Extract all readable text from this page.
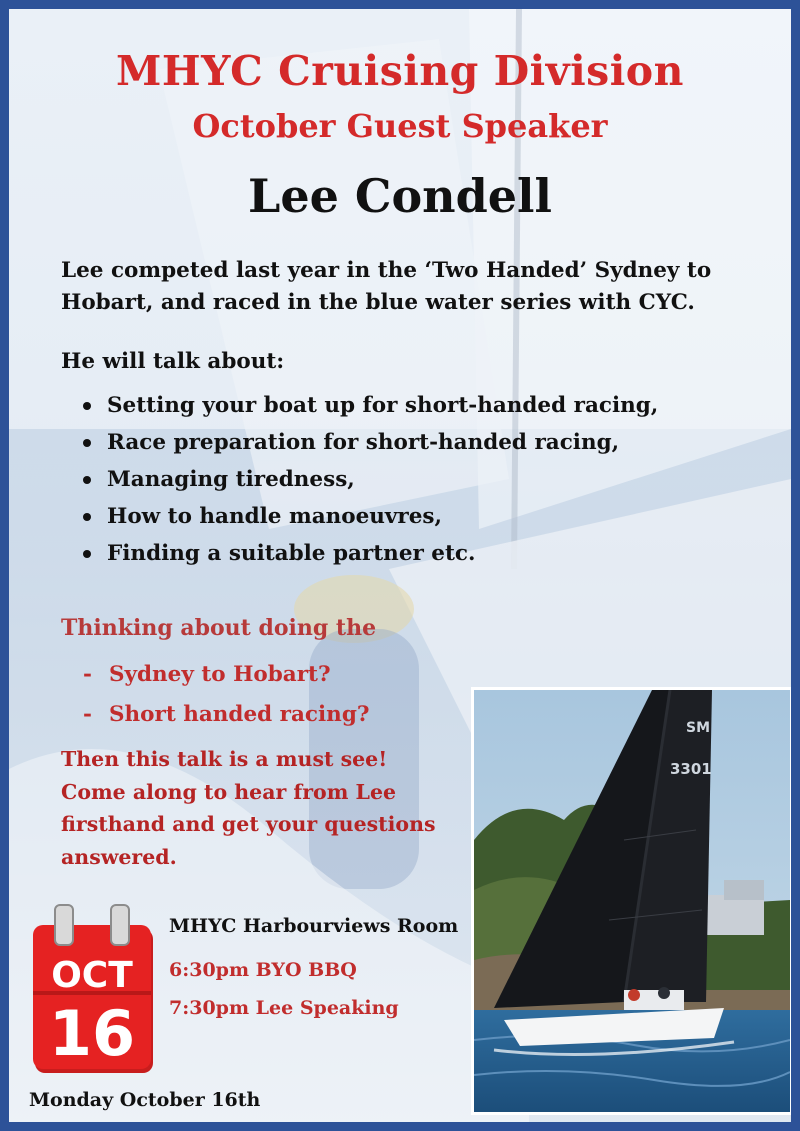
MHYC Cruising Division
October Guest Speaker
Lee Condell
Lee competed last year in the ‘Two Handed’ Sydney to
Hobart, and raced in the blue water series with CYC.
He will talk about:
Setting your boat up for short-handed racing,
Race preparation for short-handed racing,
Managing tiredness,
How to handle manoeuvres,
Finding a suitable partner etc.
Thinking about doing the
- Sydney to Hobart?
- Short handed racing?
Then this talk is a must see!
Come along to hear from Lee
firsthand and get your questions
answered.
OCT
16
MHYC Harbourviews Room
6:30pm BYO BBQ
7:30pm Lee Speaking
Monday October 16th
SM
3301
